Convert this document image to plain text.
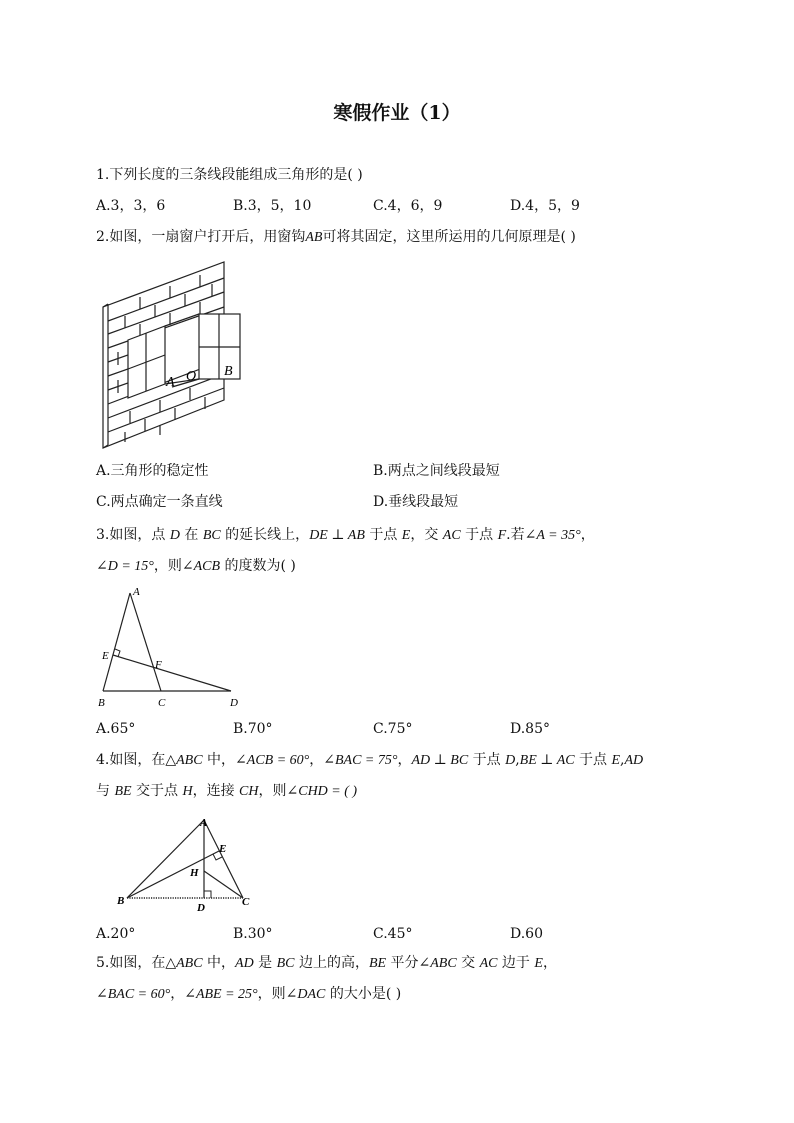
寒假作业（1）
1.下列长度的三条线段能组成三角形的是( )
A.3，3，6	B.3，5，10	C.4，6，9	D.4，5，9
2.如图，一扇窗户打开后，用窗钩AB可将其固定，这里所运用的几何原理是( )
A O B
A.三角形的稳定性	B.两点之间线段最短
C.两点确定一条直线	D.垂线段最短
3.如图，点 D 在 BC 的延长线上，DE ⊥ AB 于点 E，交 AC 于点 F.若∠A = 35°，
∠D = 15°，则∠ACB 的度数为( )
A
E
F
B	C	D
A.65°	B.70°	C.75°	D.85°
4.如图，在△ABC 中，∠ACB = 60°，∠BAC = 75°，AD ⊥ BC 于点 D,BE ⊥ AC 于点 E,AD
与 BE 交于点 H，连接 CH，则∠CHD = ( )
A
E
H
B
D	C
A.20°	B.30°	C.45°	D.60
5.如图，在△ABC 中，AD 是 BC 边上的高，BE 平分∠ABC 交 AC 边于 E，
∠BAC = 60°，∠ABE = 25°，则∠DAC 的大小是( )
